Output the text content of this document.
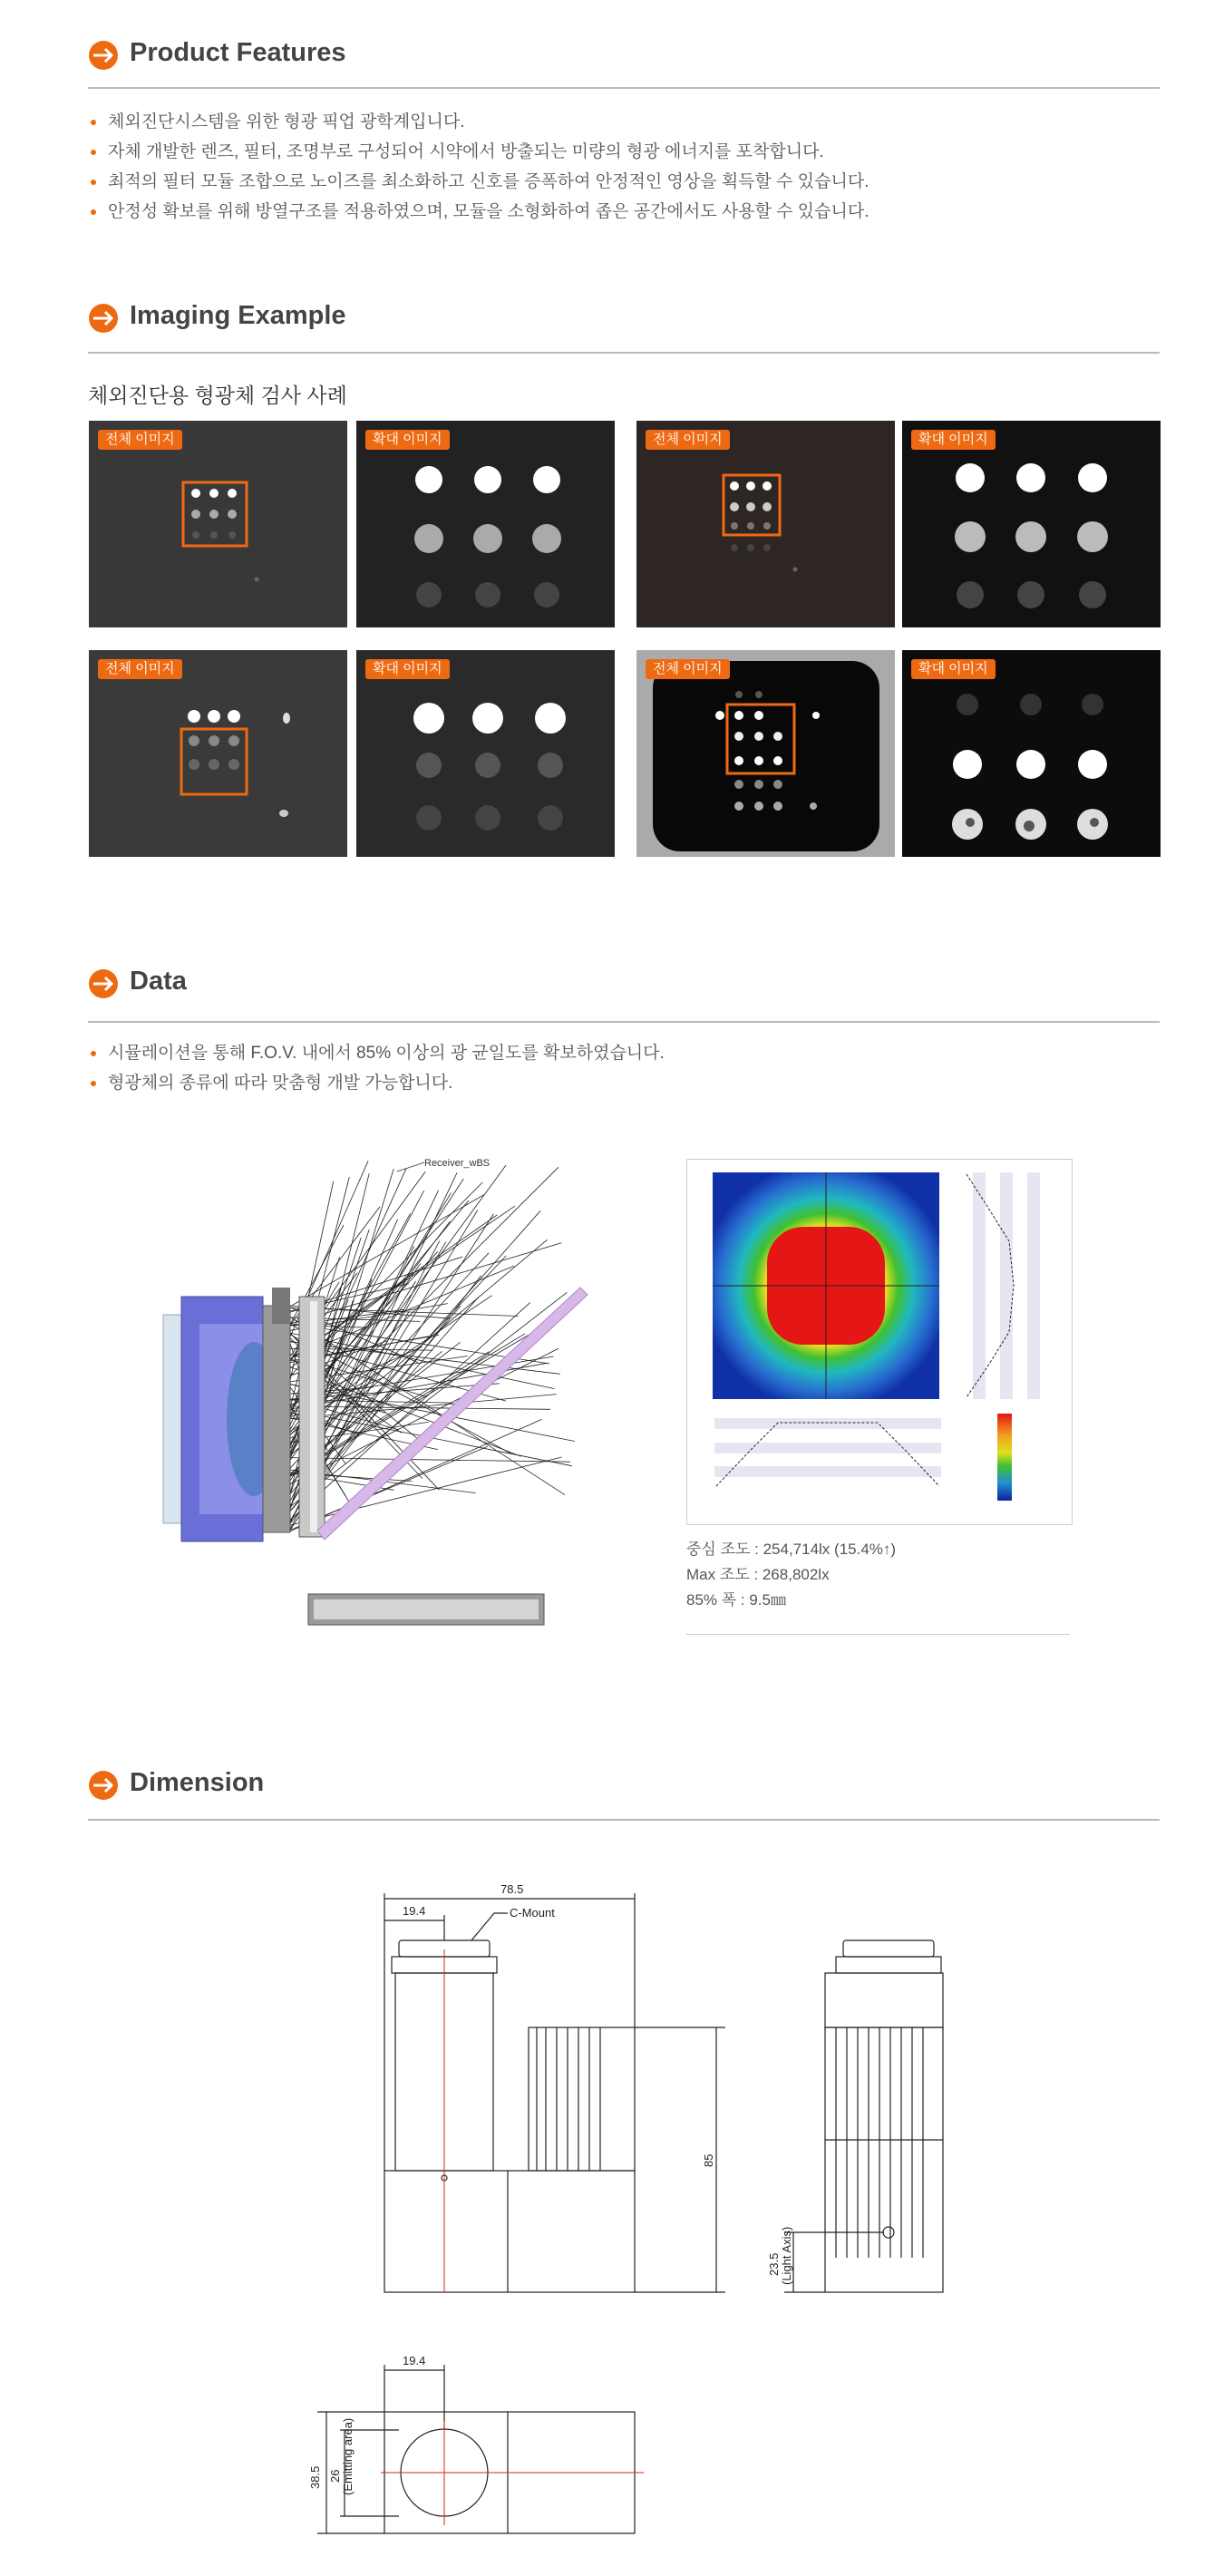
Product Features
체외진단시스템을 위한 형광 픽업 광학계입니다.
자체 개발한 렌즈, 필터, 조명부로 구성되어 시약에서 방출되는 미량의 형광 에너지를 포착합니다.
최적의 필터 모듈 조합으로 노이즈를 최소화하고 신호를 증폭하여 안정적인 영상을 획득할 수 있습니다.
안정성 확보를 위해 방열구조를 적용하였으며, 모듈을 소형화하여 좁은 공간에서도 사용할 수 있습니다.
Imaging Example
체외진단용 형광체 검사 사례
전체 이미지	확대 이미지	전체 이미지	확대 이미지
전체 이미지	확대 이미지	전체 이미지	확대 이미지
Data
시뮬레이션을 통해 F.O.V. 내에서 85% 이상의 광 균일도를 확보하였습니다.
형광체의 종류에 따라 맞춤형 개발 가능합니다.
Receiver_wBS
중심 조도 : 254,714lx (15.4%↑)
Max 조도 : 268,802lx
85% 폭 : 9.5㎜
Dimension
78.5
19.4	C-Mount
85
23.5 (Light Axis)
19.4
38.5 26 (Emitting area)
